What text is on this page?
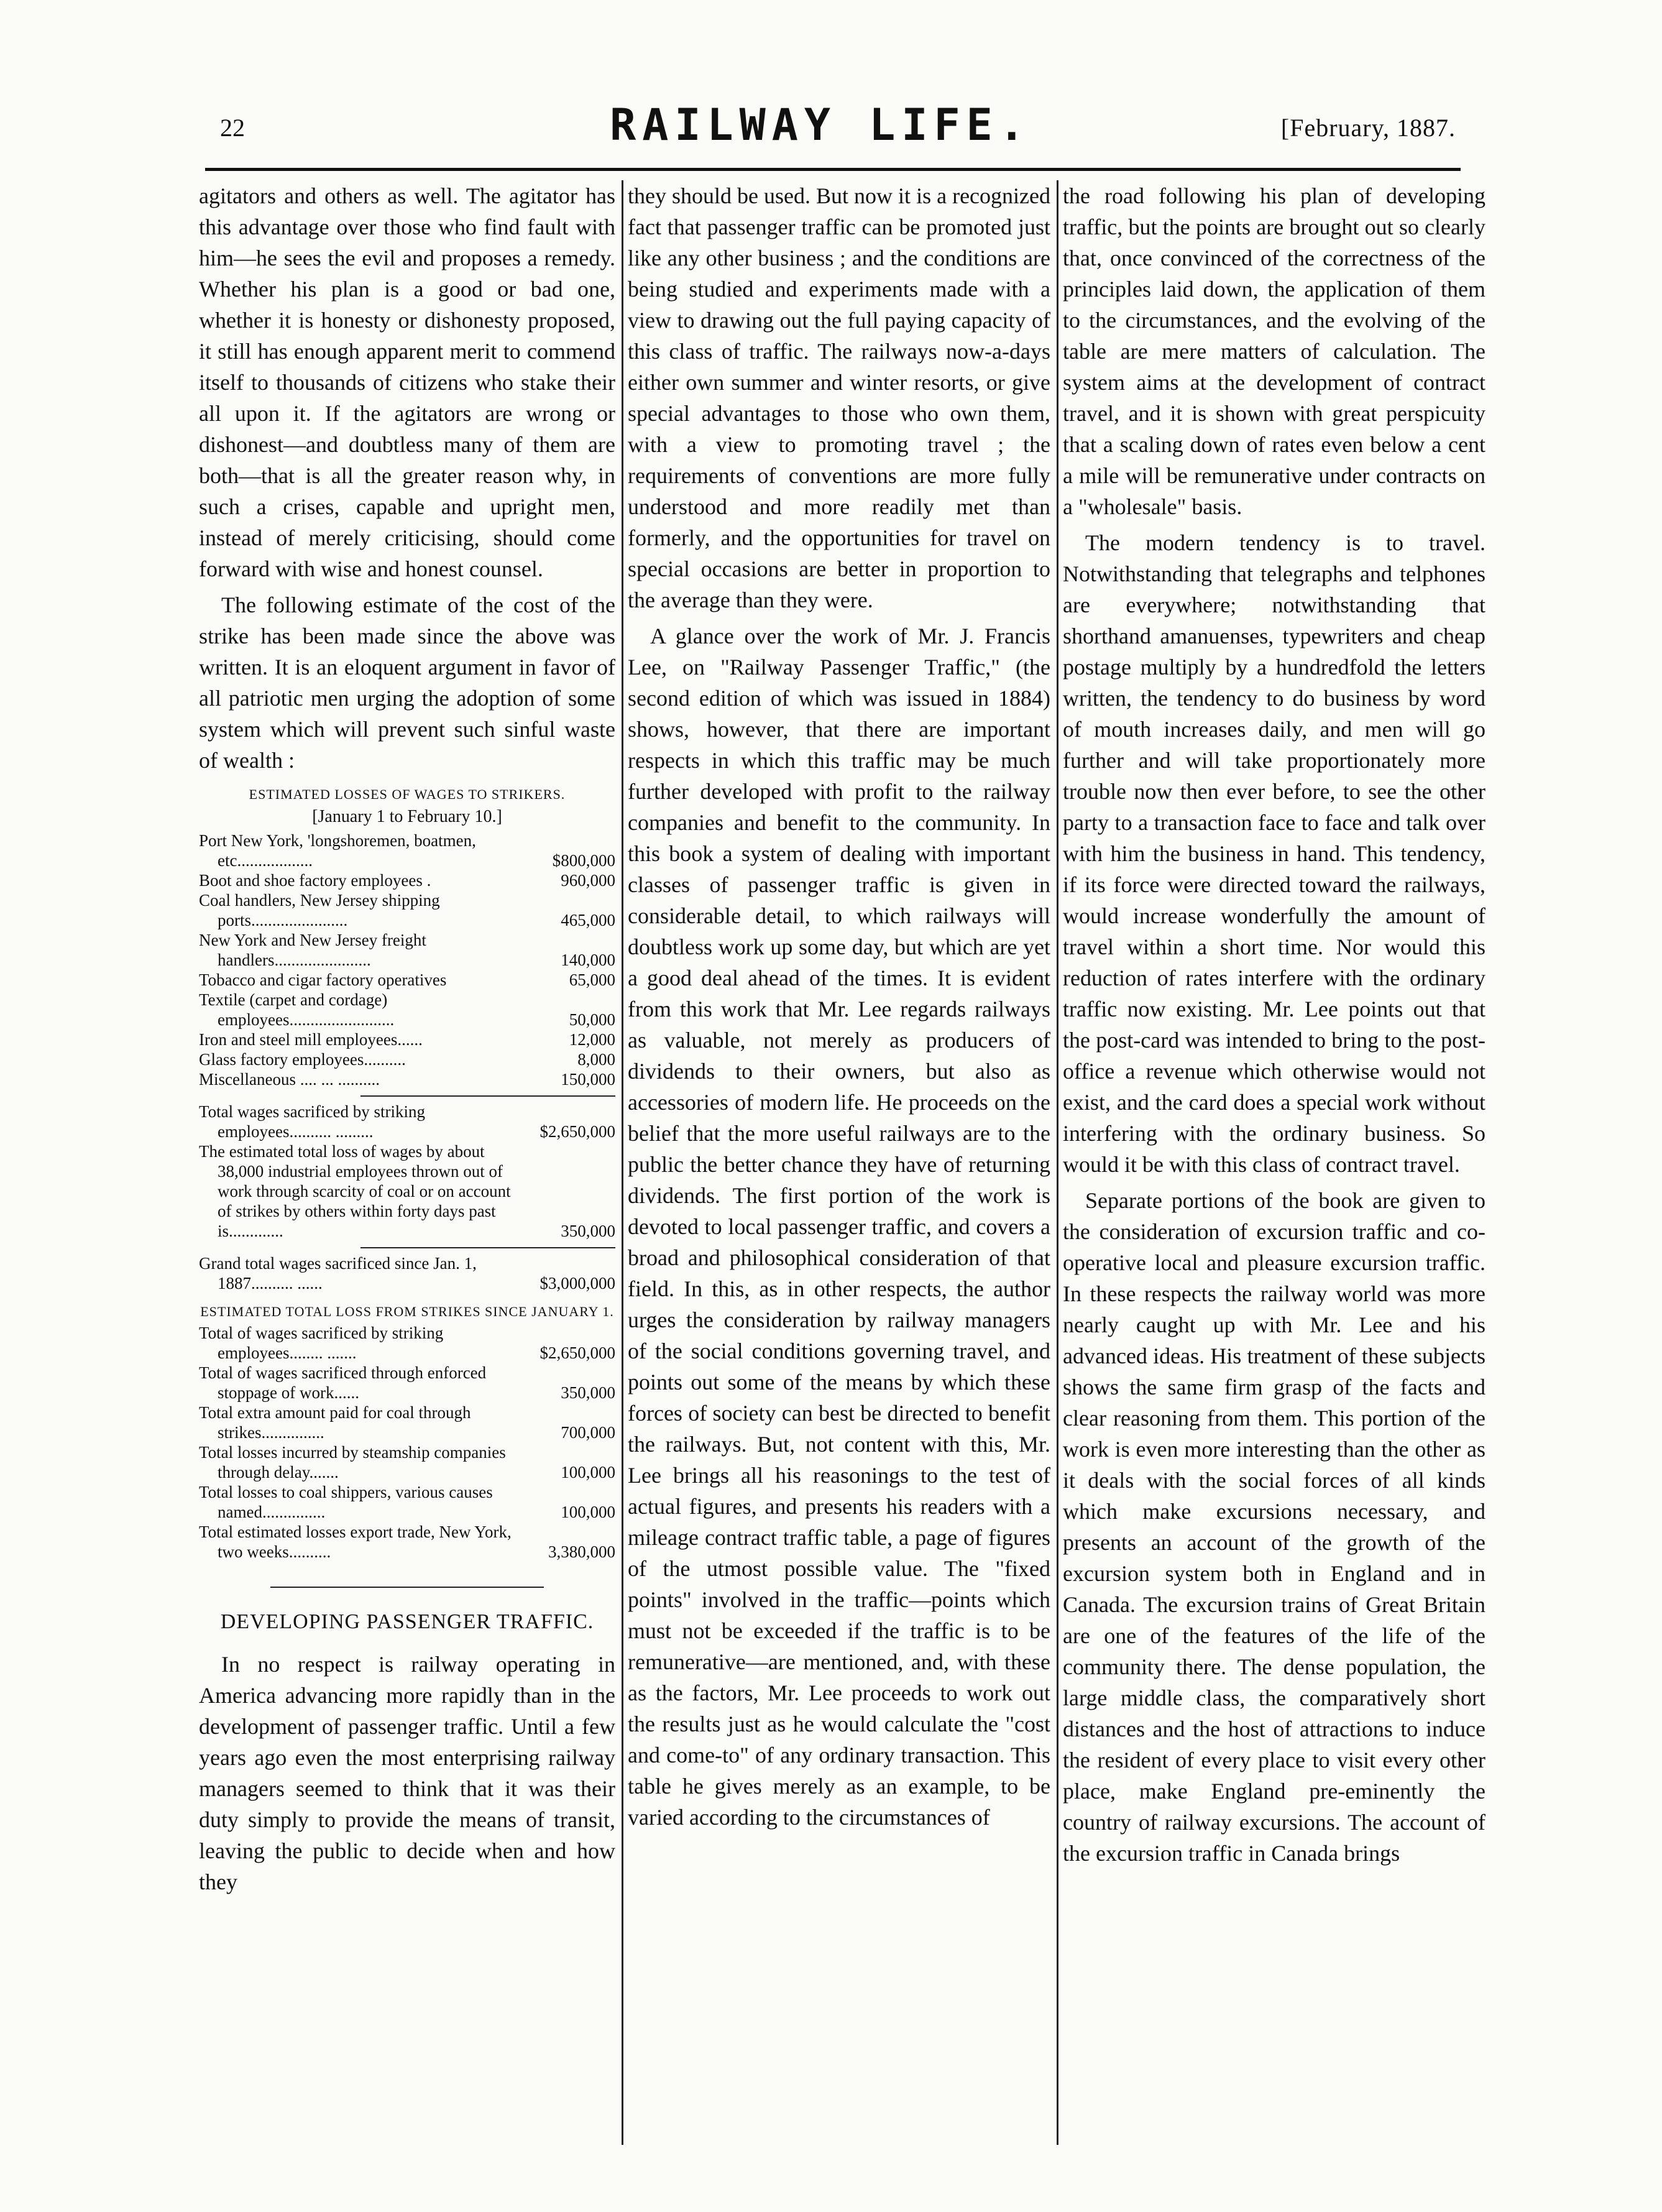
22	RAILWAY LIFE.	[February, 1887.

agitators and others as well. The agitator has this advantage over those who find fault with him—he sees the evil and proposes a remedy. Whether his plan is a good or bad one, whether it is honesty or dishonesty proposed, it still has enough apparent merit to commend itself to thousands of citizens who stake their all upon it. If the agitators are wrong or dishonest—and doubtless many of them are both—that is all the greater reason why, in such a crises, capable and upright men, instead of merely criticising, should come forward with wise and honest counsel.

The following estimate of the cost of the strike has been made since the above was written. It is an eloquent argument in favor of all patriotic men urging the adoption of some system which will prevent such sinful waste of wealth :

ESTIMATED LOSSES OF WAGES TO STRIKERS.
[January 1 to February 10.]
Port New York, 'longshoremen, boatmen, etc..................	$800,000
Boot and shoe factory employees .	960,000
Coal handlers, New Jersey shipping ports.......................	465,000
New York and New Jersey freight handlers.......................	140,000
Tobacco and cigar factory operatives	65,000
Textile (carpet and cordage) employees.........................	50,000
Iron and steel mill employees......	12,000
Glass factory employees..........	8,000
Miscellaneous .... ... ..........	150,000
Total wages sacrificed by striking employees.......... .........	$2,650,000
The estimated total loss of wages by about 38,000 industrial employees thrown out of work through scarcity of coal or on account of strikes by others within forty days past is.............	350,000
Grand total wages sacrificed since Jan. 1, 1887.......... ......	$3,000,000
ESTIMATED TOTAL LOSS FROM STRIKES SINCE JANUARY 1.
Total of wages sacrificed by striking employees........ .......	$2,650,000
Total of wages sacrificed through enforced stoppage of work......	350,000
Total extra amount paid for coal through strikes...............	700,000
Total losses incurred by steamship companies through delay.......	100,000
Total losses to coal shippers, various causes named...............	100,000
Total estimated losses export trade, New York, two weeks..........	3,380,000
DEVELOPING PASSENGER TRAFFIC.

In no respect is railway operating in America advancing more rapidly than in the development of passenger traffic. Until a few years ago even the most enterprising railway managers seemed to think that it was their duty simply to provide the means of transit, leaving the public to decide when and how they

they should be used. But now it is a recognized fact that passenger traffic can be promoted just like any other business ; and the conditions are being studied and experiments made with a view to drawing out the full paying capacity of this class of traffic. The railways now-a-days either own summer and winter resorts, or give special advantages to those who own them, with a view to promoting travel ; the requirements of conventions are more fully understood and more readily met than formerly, and the opportunities for travel on special occasions are better in proportion to the average than they were.

A glance over the work of Mr. J. Francis Lee, on "Railway Passenger Traffic," (the second edition of which was issued in 1884) shows, however, that there are important respects in which this traffic may be much further developed with profit to the railway companies and benefit to the community. In this book a system of dealing with important classes of passenger traffic is given in considerable detail, to which railways will doubtless work up some day, but which are yet a good deal ahead of the times. It is evident from this work that Mr. Lee regards railways as valuable, not merely as producers of dividends to their owners, but also as accessories of modern life. He proceeds on the belief that the more useful railways are to the public the better chance they have of returning dividends. The first portion of the work is devoted to local passenger traffic, and covers a broad and philosophical consideration of that field. In this, as in other respects, the author urges the consideration by railway managers of the social conditions governing travel, and points out some of the means by which these forces of society can best be directed to benefit the railways. But, not content with this, Mr. Lee brings all his reasonings to the test of actual figures, and presents his readers with a mileage contract traffic table, a page of figures of the utmost possible value. The "fixed points" involved in the traffic—points which must not be exceeded if the traffic is to be remunerative—are mentioned, and, with these as the factors, Mr. Lee proceeds to work out the results just as he would calculate the "cost and come-to" of any ordinary transaction. This table he gives merely as an example, to be varied according to the circumstances of

the road following his plan of developing traffic, but the points are brought out so clearly that, once convinced of the correctness of the principles laid down, the application of them to the circumstances, and the evolving of the table are mere matters of calculation. The system aims at the development of contract travel, and it is shown with great perspicuity that a scaling down of rates even below a cent a mile will be remunerative under contracts on a "wholesale" basis.

The modern tendency is to travel. Notwithstanding that telegraphs and telphones are everywhere; notwithstanding that shorthand amanuenses, typewriters and cheap postage multiply by a hundredfold the letters written, the tendency to do business by word of mouth increases daily, and men will go further and will take proportionately more trouble now then ever before, to see the other party to a transaction face to face and talk over with him the business in hand. This tendency, if its force were directed toward the railways, would increase wonderfully the amount of travel within a short time. Nor would this reduction of rates interfere with the ordinary traffic now existing. Mr. Lee points out that the post-card was intended to bring to the post-office a revenue which otherwise would not exist, and the card does a special work without interfering with the ordinary business. So would it be with this class of contract travel.

Separate portions of the book are given to the consideration of excursion traffic and co-operative local and pleasure excursion traffic. In these respects the railway world was more nearly caught up with Mr. Lee and his advanced ideas. His treatment of these subjects shows the same firm grasp of the facts and clear reasoning from them. This portion of the work is even more interesting than the other as it deals with the social forces of all kinds which make excursions necessary, and presents an account of the growth of the excursion system both in England and in Canada. The excursion trains of Great Britain are one of the features of the life of the community there. The dense population, the large middle class, the comparatively short distances and the host of attractions to induce the resident of every place to visit every other place, make England pre-eminently the country of railway excursions. The account of the excursion traffic in Canada brings
